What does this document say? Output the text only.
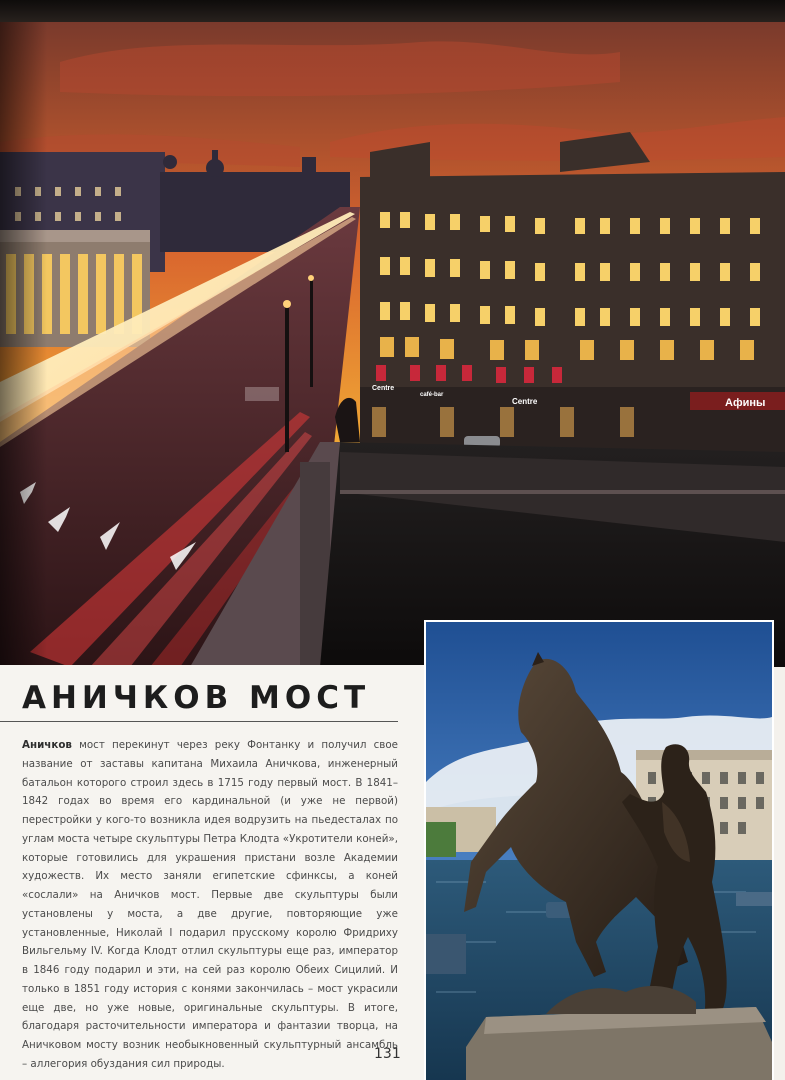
АНИЧКОВ МОСТ

Аничков мост перекинут через реку Фонтанку и получил свое название от заставы капитана Михаила Аничкова, инженерный батальон которого строил здесь в 1715 году первый мост. В 1841–1842 годах во время его кардинальной (и уже не первой) перестройки у кого-то возникла идея водрузить на пьедесталах по углам моста четыре скульптуры Петра Клодта «Укротители коней», которые готовились для украшения пристани возле Академии художеств. Их место заняли египетские сфинксы, а коней «сослали» на Аничков мост. Первые две скульптуры были установлены у моста, а две другие, повторяющие уже установленные, Николай I подарил прусскому королю Фридриху Вильгельму IV. Когда Клодт отлил скульптуры еще раз, император в 1846 году подарил и эти, на сей раз королю Обеих Сицилий. И только в 1851 году история с конями закончилась – мост украсили еще две, но уже новые, оригинальные скульптуры. В итоге, благодаря расточительности императора и фантазии творца, на Аничковом мосту возник необыкновенный скульптурный ансамбль – аллегория обуздания сил природы.

131
